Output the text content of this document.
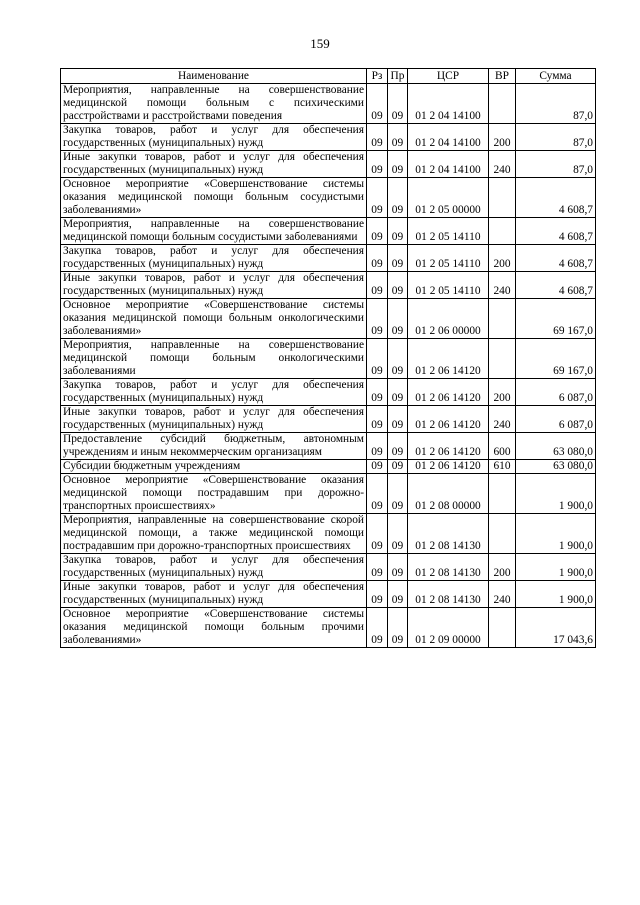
159
Наименование	Рз	Пр	ЦСР	ВР	Сумма
Мероприятия, направленные на совершенствование медицинской помощи больным с психическими расстройствами и расстройствами поведения	09	09	01 2 04 14100		87,0
Закупка товаров, работ и услуг для обеспечения государственных (муниципальных) нужд	09	09	01 2 04 14100	200	87,0
Иные закупки товаров, работ и услуг для обеспечения государственных (муниципальных) нужд	09	09	01 2 04 14100	240	87,0
Основное мероприятие «Совершенствование системы оказания медицинской помощи больным сосудистыми заболеваниями»	09	09	01 2 05 00000		4 608,7
Мероприятия, направленные на совершенствование медицинской помощи больным сосудистыми заболеваниями	09	09	01 2 05 14110		4 608,7
Закупка товаров, работ и услуг для обеспечения государственных (муниципальных) нужд	09	09	01 2 05 14110	200	4 608,7
Иные закупки товаров, работ и услуг для обеспечения государственных (муниципальных) нужд	09	09	01 2 05 14110	240	4 608,7
Основное мероприятие «Совершенствование системы оказания медицинской помощи больным онкологическими заболеваниями»	09	09	01 2 06 00000		69 167,0
Мероприятия, направленные на совершенствование медицинской помощи больным онкологическими заболеваниями	09	09	01 2 06 14120		69 167,0
Закупка товаров, работ и услуг для обеспечения государственных (муниципальных) нужд	09	09	01 2 06 14120	200	6 087,0
Иные закупки товаров, работ и услуг для обеспечения государственных (муниципальных) нужд	09	09	01 2 06 14120	240	6 087,0
Предоставление субсидий бюджетным, автономным учреждениям и иным некоммерческим организациям	09	09	01 2 06 14120	600	63 080,0
Субсидии бюджетным учреждениям	09	09	01 2 06 14120	610	63 080,0
Основное мероприятие «Совершенствование оказания медицинской помощи пострадавшим при дорожно-транспортных происшествиях»	09	09	01 2 08 00000		1 900,0
Мероприятия, направленные на совершенствование скорой медицинской помощи, а также медицинской помощи пострадавшим при дорожно-транспортных происшествиях	09	09	01 2 08 14130		1 900,0
Закупка товаров, работ и услуг для обеспечения государственных (муниципальных) нужд	09	09	01 2 08 14130	200	1 900,0
Иные закупки товаров, работ и услуг для обеспечения государственных (муниципальных) нужд	09	09	01 2 08 14130	240	1 900,0
Основное мероприятие «Совершенствование системы оказания медицинской помощи больным прочими заболеваниями»	09	09	01 2 09 00000		17 043,6
